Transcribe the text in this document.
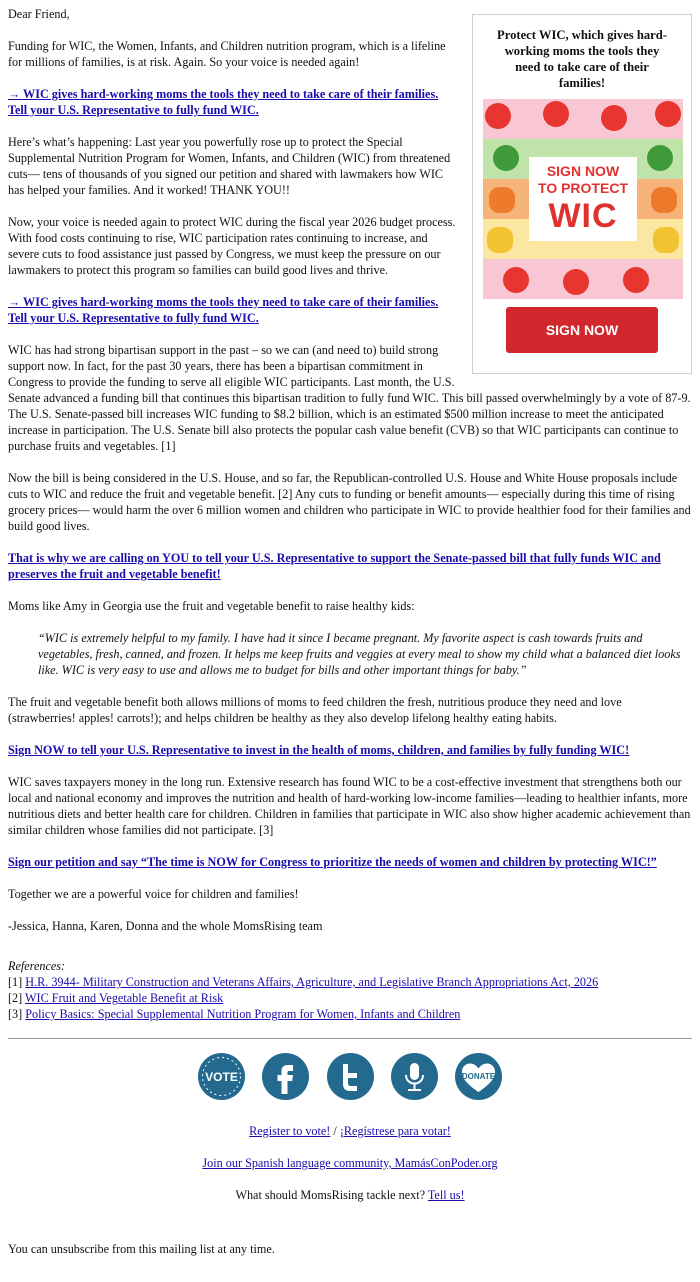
Protect WIC, which gives hard-working moms the tools they need to take care of their families!
SIGN NOW
TO PROTECT
WIC
SIGN NOW

Dear Friend,

Funding for WIC, the Women, Infants, and Children nutrition program, which is a lifeline for millions of families, is at risk. Again. So your voice is needed again!

→ WIC gives hard-working moms the tools they need to take care of their families. Tell your U.S. Representative to fully fund WIC.

Here’s what’s happening: Last year you powerfully rose up to protect the Special Supplemental Nutrition Program for Women, Infants, and Children (WIC) from threatened cuts— tens of thousands of you signed our petition and shared with lawmakers how WIC has helped your families. And it worked! THANK YOU!!

Now, your voice is needed again to protect WIC during the fiscal year 2026 budget process. With food costs continuing to rise, WIC participation rates continuing to increase, and severe cuts to food assistance just passed by Congress, we must keep the pressure on our lawmakers to protect this program so families can build good lives and thrive.

→ WIC gives hard-working moms the tools they need to take care of their families. Tell your U.S. Representative to fully fund WIC.

WIC has had strong bipartisan support in the past – so we can (and need to) build strong support now. In fact, for the past 30 years, there has been a bipartisan commitment in Congress to provide the funding to serve all eligible WIC participants. Last month, the U.S. Senate advanced a funding bill that continues this bipartisan tradition to fully fund WIC. This bill passed overwhelmingly by a vote of 87-9. The U.S. Senate-passed bill increases WIC funding to $8.2 billion, which is an estimated $500 million increase to meet the anticipated increase in participation. The U.S. Senate bill also protects the popular cash value benefit (CVB) so that WIC participants can continue to purchase fruits and vegetables. [1]

Now the bill is being considered in the U.S. House, and so far, the Republican-controlled U.S. House and White House proposals include cuts to WIC and reduce the fruit and vegetable benefit. [2] Any cuts to funding or benefit amounts— especially during this time of rising grocery prices— would harm the over 6 million women and children who participate in WIC to provide healthier food for their families and build good lives.

That is why we are calling on YOU to tell your U.S. Representative to support the Senate-passed bill that fully funds WIC and preserves the fruit and vegetable benefit!

Moms like Amy in Georgia use the fruit and vegetable benefit to raise healthy kids:

“WIC is extremely helpful to my family. I have had it since I became pregnant. My favorite aspect is cash towards fruits and vegetables, fresh, canned, and frozen. It helps me keep fruits and veggies at every meal to show my child what a balanced diet looks like. WIC is very easy to use and allows me to budget for bills and other important things for baby.”

The fruit and vegetable benefit both allows millions of moms to feed children the fresh, nutritious produce they need and love (strawberries! apples! carrots!); and helps children be healthy as they also develop lifelong healthy eating habits.

Sign NOW to tell your U.S. Representative to invest in the health of moms, children, and families by fully funding WIC!

WIC saves taxpayers money in the long run. Extensive research has found WIC to be a cost-effective investment that strengthens both our local and national economy and improves the nutrition and health of hard-working low-income families—leading to healthier infants, more nutritious diets and better health care for children. Children in families that participate in WIC also show higher academic achievement than similar children whose families did not participate. [3]

Sign our petition and say “The time is NOW for Congress to prioritize the needs of women and children by protecting WIC!”

Together we are a powerful voice for children and families!

-Jessica, Hanna, Karen, Donna and the whole MomsRising team

References:
[1] H.R. 3944- Military Construction and Veterans Affairs, Agriculture, and Legislative Branch Appropriations Act, 2026
[2] WIC Fruit and Vegetable Benefit at Risk
[3] Policy Basics: Special Supplemental Nutrition Program for Women, Infants and Children
VOTE
	DONATE
Register to vote! / ¡Regístrese para votar!
Join our Spanish language community, MamásConPoder.org
What should MomsRising tackle next? Tell us!
You can unsubscribe from this mailing list at any time.
